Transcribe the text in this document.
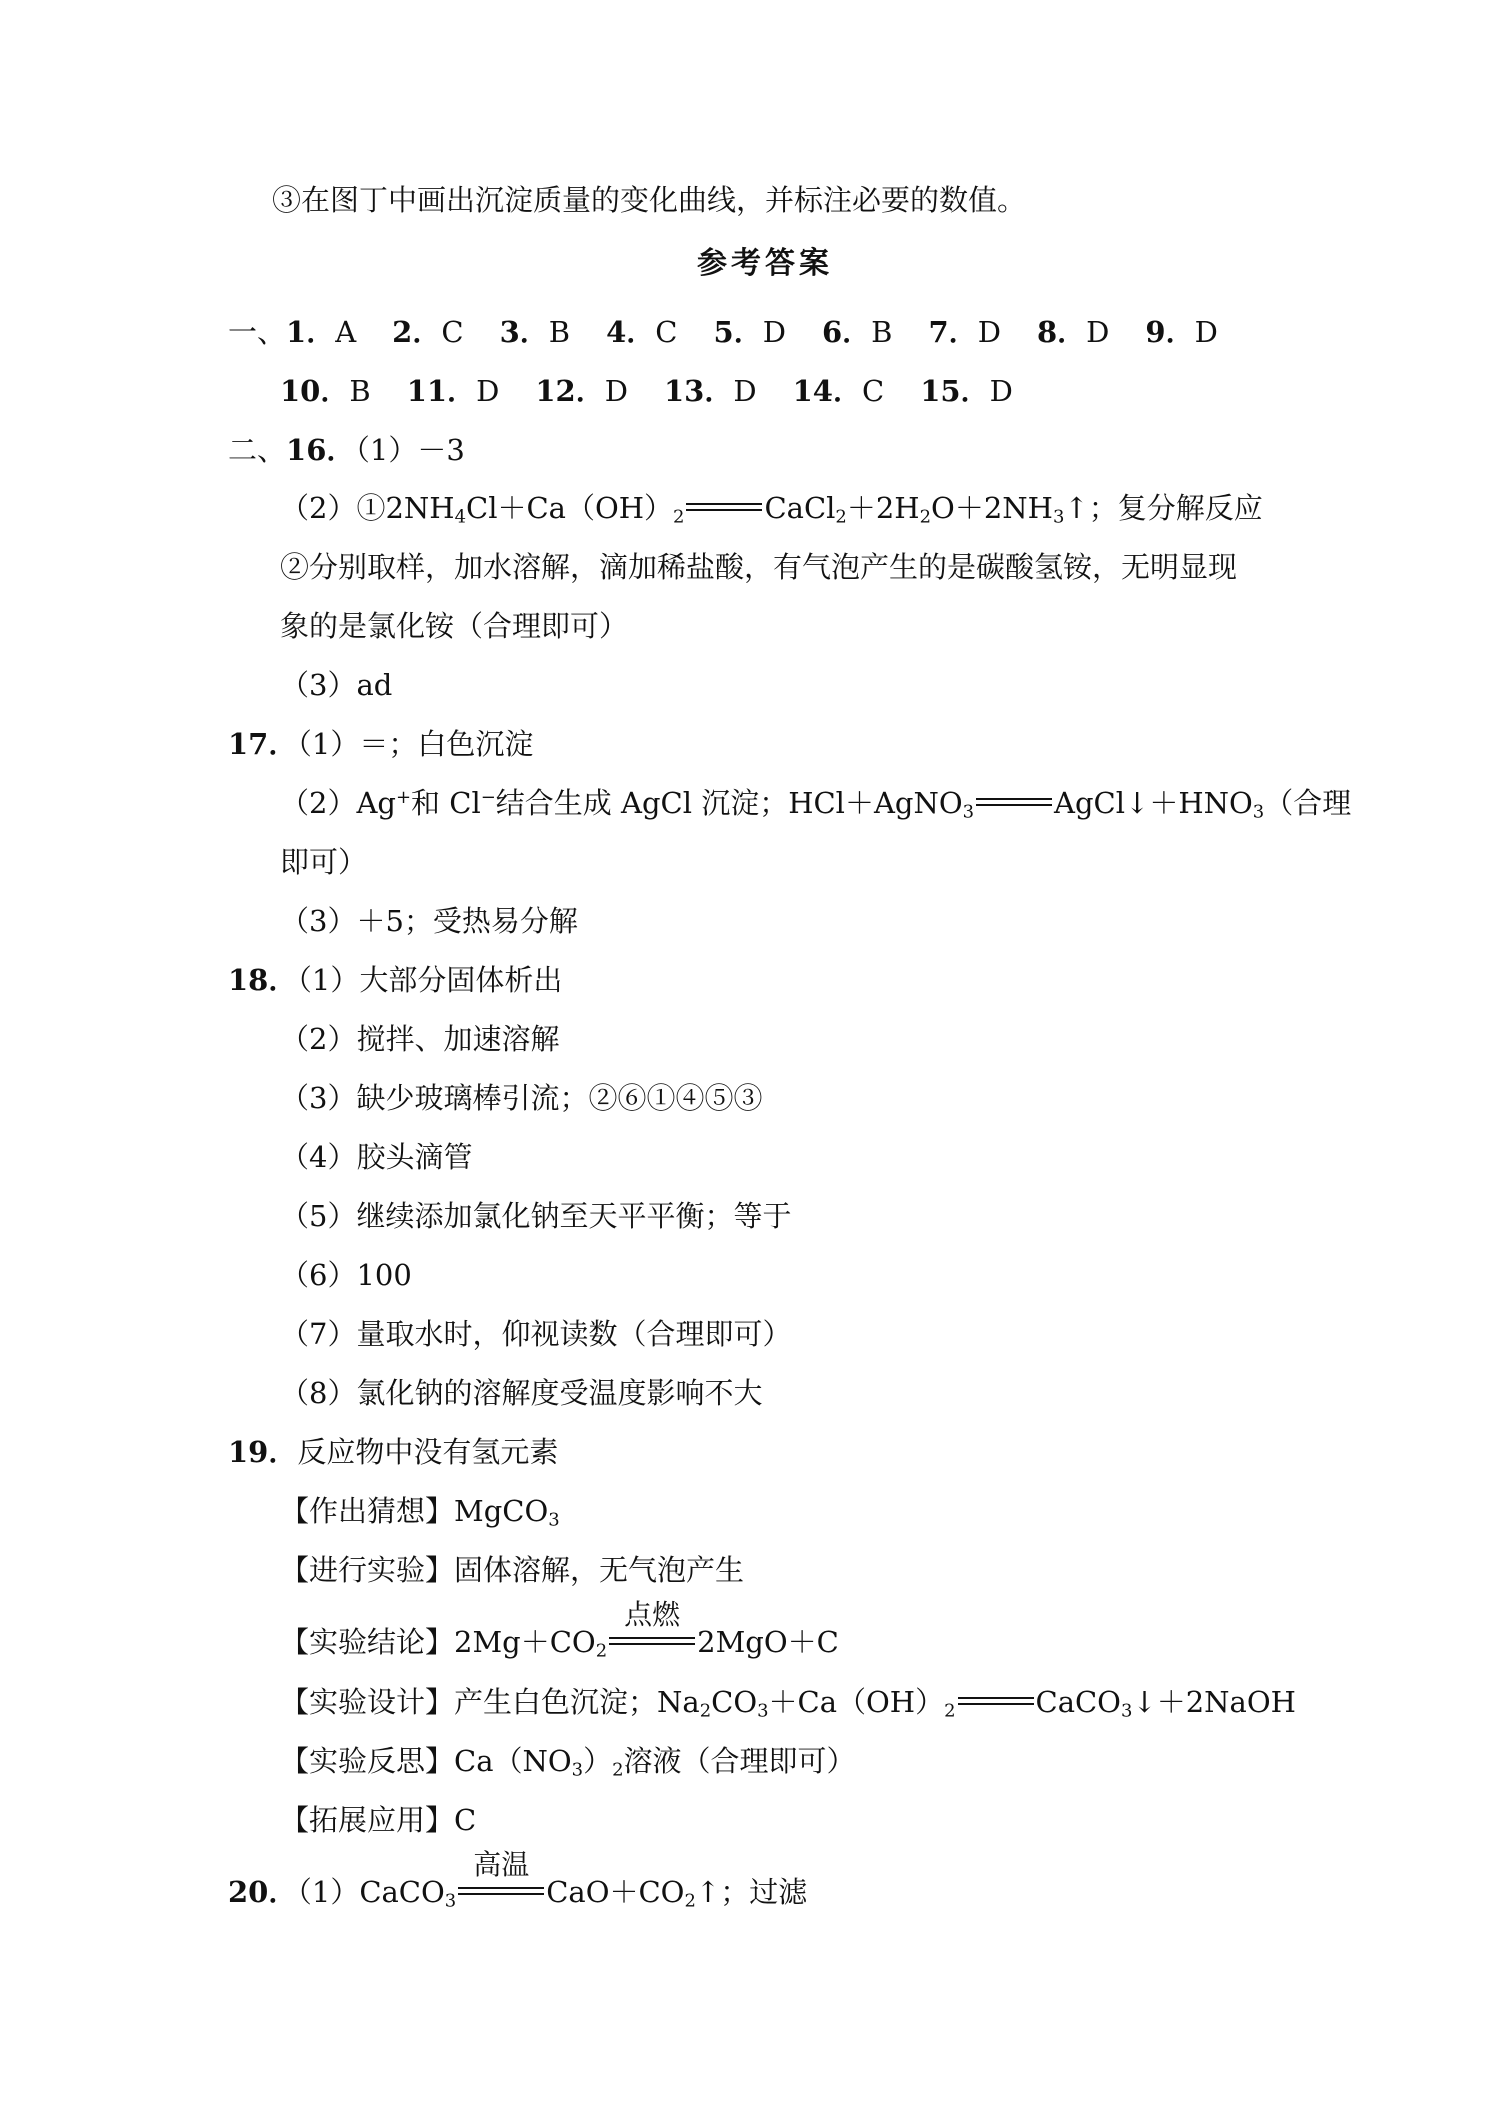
③在图丁中画出沉淀质量的变化曲线，并标注必要的数值。
参考答案
一、1．A 2．C 3．B 4．C 5．D 6．B 7．D 8．D 9．D
10．B 11．D 12．D 13．D 14．C 15．D
二、16．（1）－3
$(2)①2NH_4Cl+Ca(OH)_2$	$CaCl_2+2H_2O+2NH_3↑$；复分解反应
②分别取样，加水溶解，滴加稀盐酸，有气泡产生的是碳酸氢铵，无明显现
象的是氯化铵（合理即可）
（3）ad
17．（1）＝；白色沉淀
（2）Ag+和 Cl−结合生成 AgCl 沉淀；HCl＋AgNO$_3$	$AgCl↓+HNO_3$（合理
即可）
（3）＋5；受热易分解
18．（1）大部分固体析出
（2）搅拌、加速溶解
（3）缺少玻璃棒引流；②⑥①④⑤③
（4）胶头滴管
（5）继续添加氯化钠至天平平衡；等于
（6）100
（7）量取水时，仰视读数（合理即可）
（8）氯化钠的溶解度受温度影响不大
19．反应物中没有氢元素
【作出猜想】MgCO$_3$
【进行实验】固体溶解，无气泡产生
【实验结论】$2Mg+CO_2$
点燃
2MgO＋C
【实验设计】产生白色沉淀；$Na_2CO_3+Ca(OH)_2$	CaCO$_3$↓＋2NaOH
【实验反思】$Ca(NO_3)_2$溶液（合理即可）
【拓展应用】C
20．（1）CaCO$_3$
高温
$CaO+CO_2↑$；过滤
